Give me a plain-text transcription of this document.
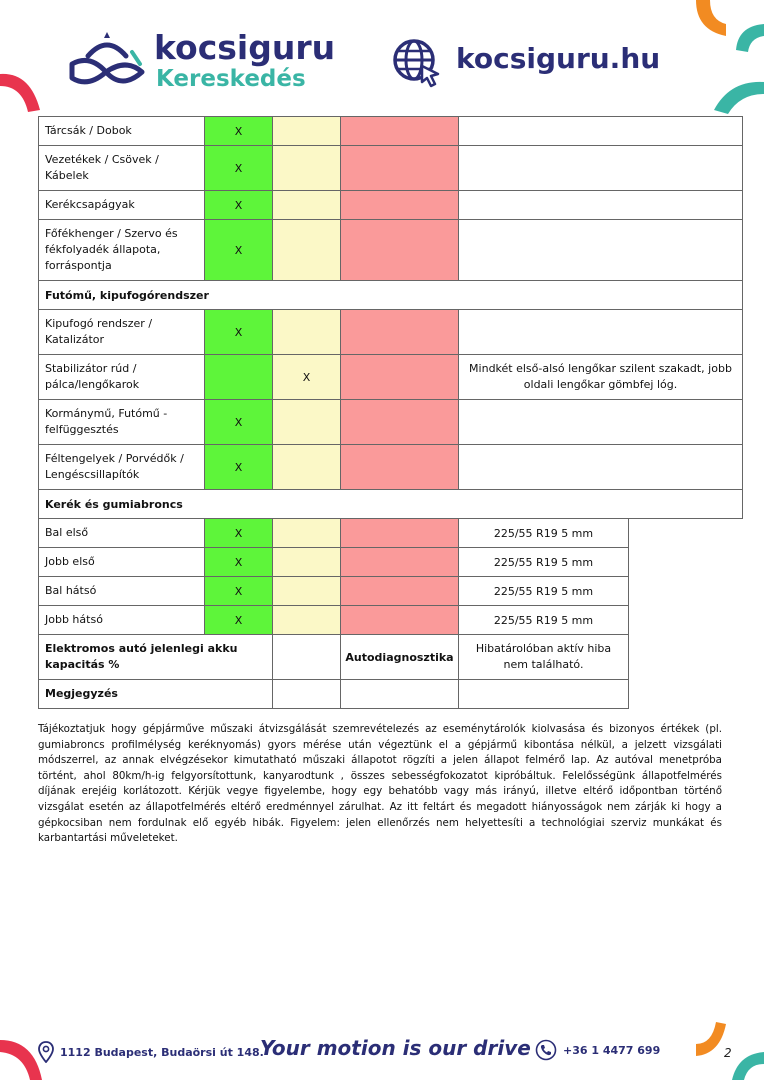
kocsiguru
Kereskedés
kocsiguru.hu
Tárcsák / Dobok	X				
Vezetékek / Csövek / Kábelek	X				
Kerékcsapágyak	X				
Főfékhenger / Szervo és fékfolyadék állapota, forráspontja	X				
Futómű, kipufogórendszer					
Kipufogó rendszer / Katalizátor	X				
Stabilizátor rúd / pálca/lengőkarok		X		Mindkét első-alsó lengőkar szilent szakadt, jobb oldali lengőkar gömbfej lóg.	
Kormánymű, Futómű - felfüggesztés	X				
Féltengelyek / Porvédők / Lengéscsillapítók	X				
Kerék és gumiabroncs					
Bal első	X			225/55 R19 5 mm	
Jobb első	X			225/55 R19 5 mm	
Bal hátsó	X			225/55 R19 5 mm	
Jobb hátsó	X			225/55 R19 5 mm	
Elektromos autó jelenlegi akku kapacitás %			Autodiagnosztika	Hibatárolóban aktív hiba nem található.	
Megjegyzés					

Tájékoztatjuk hogy gépjárműve műszaki átvizsgálását szemrevételezés az eseménytárolók kiolvasása és bizonyos értékek (pl. gumiabroncs profilmélység keréknyomás) gyors mérése után végeztünk el a gépjármű kibontása nélkül, a jelzett vizsgálati módszerrel, az annak elvégzésekor kimutatható műszaki állapotot rögzíti a jelen állapot felmérő lap. Az autóval menetpróba történt, ahol 80km/h-ig felgyorsítottunk, kanyarodtunk , összes sebességfokozatot kipróbáltuk. Felelősségünk állapotfelmérés díjának erejéig korlátozott. Kérjük vegye figyelembe, hogy egy behatóbb vagy más irányú, illetve eltérő időpontban történő vizsgálat esetén az állapotfelmérés eltérő eredménnyel zárulhat. Az itt feltárt és megadott hiányosságok nem zárják ki hogy a gépkocsiban nem fordulnak elő egyéb hibák. Figyelem: jelen ellenőrzés nem helyettesíti a technológiai szerviz munkákat és karbantartási műveleteket.

1112 Budapest, Budaörsi út 148.
Your motion is our drive	+36 1 4477 699	2
